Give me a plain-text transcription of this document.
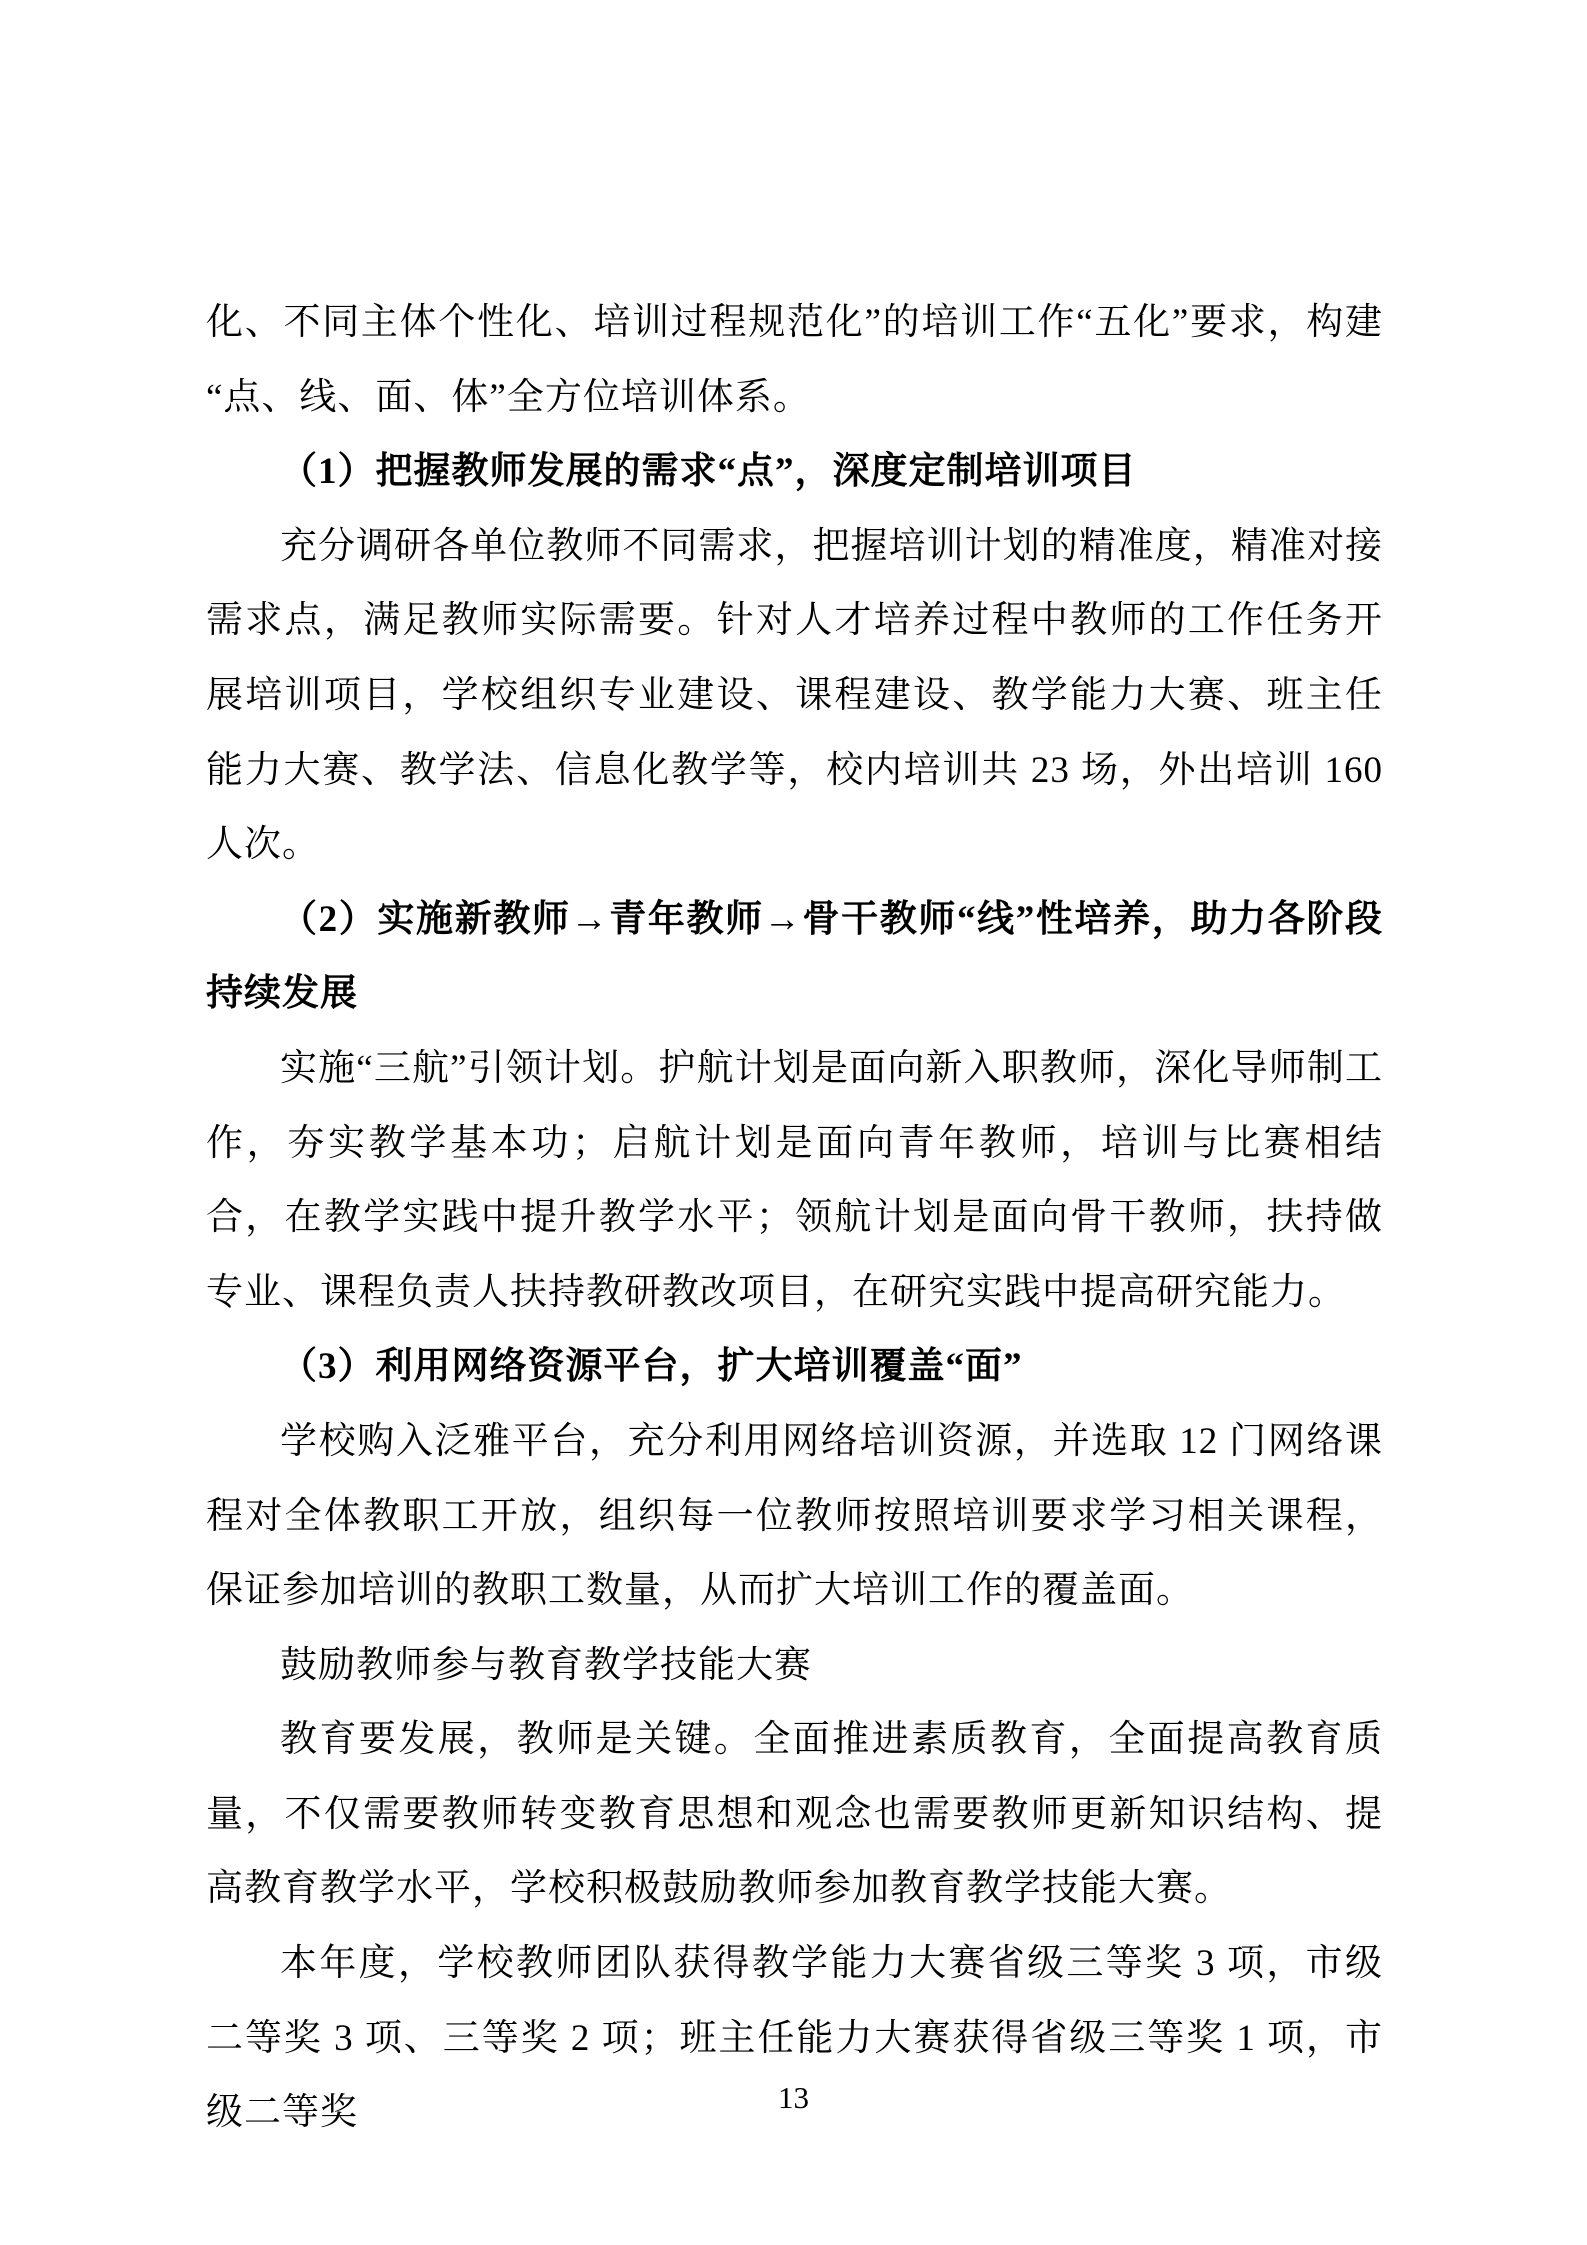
化、不同主体个性化、培训过程规范化”的培训工作“五化”要求，构建“点、线、面、体”全方位培训体系。

（1）把握教师发展的需求“点”，深度定制培训项目

充分调研各单位教师不同需求，把握培训计划的精准度，精准对接需求点，满足教师实际需要。针对人才培养过程中教师的工作任务开展培训项目，学校组织专业建设、课程建设、教学能力大赛、班主任能力大赛、教学法、信息化教学等，校内培训共 23 场，外出培训 160 人次。

（2）实施新教师→青年教师→骨干教师“线”性培养，助力各阶段持续发展

实施“三航”引领计划。护航计划是面向新入职教师，深化导师制工作，夯实教学基本功；启航计划是面向青年教师，培训与比赛相结合，在教学实践中提升教学水平；领航计划是面向骨干教师，扶持做专业、课程负责人扶持教研教改项目，在研究实践中提高研究能力。

（3）利用网络资源平台，扩大培训覆盖“面”

学校购入泛雅平台，充分利用网络培训资源，并选取 12 门网络课程对全体教职工开放，组织每一位教师按照培训要求学习相关课程，保证参加培训的教职工数量，从而扩大培训工作的覆盖面。

鼓励教师参与教育教学技能大赛

教育要发展，教师是关键。全面推进素质教育，全面提高教育质量，不仅需要教师转变教育思想和观念也需要教师更新知识结构、提高教育教学水平，学校积极鼓励教师参加教育教学技能大赛。

本年度，学校教师团队获得教学能力大赛省级三等奖 3 项，市级二等奖 3 项、三等奖 2 项；班主任能力大赛获得省级三等奖 1 项，市级二等奖	13
